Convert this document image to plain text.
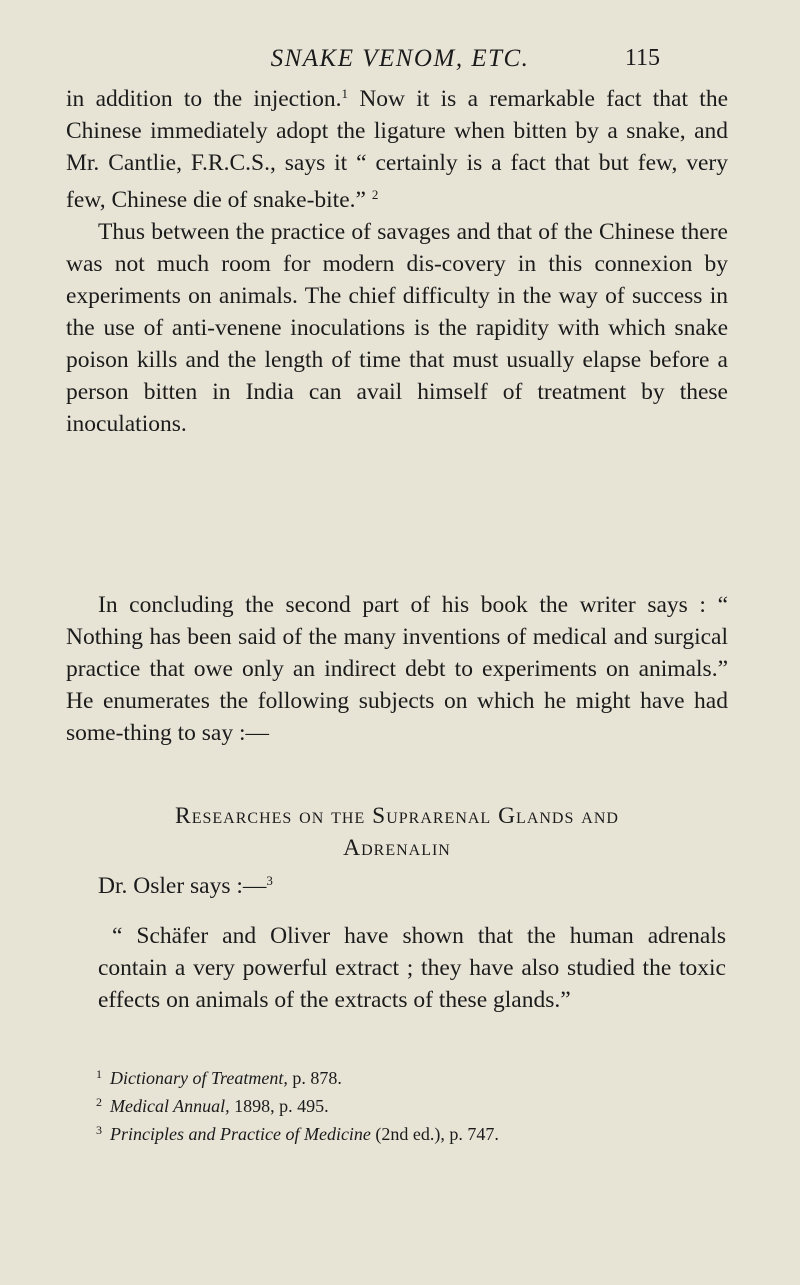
SNAKE VENOM, ETC.	115

in addition to the injection.$^1$ Now it is a remarkable fact that the Chinese immediately adopt the ligature when bitten by a snake, and Mr. Cantlie, F.R.C.S., says it “ certainly is a fact that but few, very few, Chinese die of snake-bite.” $^2$

Thus between the practice of savages and that of the Chinese there was not much room for modern dis-covery in this connexion by experiments on animals. The chief difficulty in the way of success in the use of anti-venene inoculations is the rapidity with which snake poison kills and the length of time that must usually elapse before a person bitten in India can avail himself of treatment by these inoculations.

In concluding the second part of his book the writer says : “ Nothing has been said of the many inventions of medical and surgical practice that owe only an indirect debt to experiments on animals.” He enumerates the following subjects on which he might have had some-thing to say :—

Researches on the Suprarenal Glands and
Adrenalin
Dr. Osler says :—$^3$
“ Schäfer and Oliver have shown that the human adrenals contain a very powerful extract ; they have also studied the toxic effects on animals of the extracts of these glands.”
$^1$ Dictionary of Treatment, p. 878.
$^2$ Medical Annual, 1898, p. 495.
$^3$ Principles and Practice of Medicine (2nd ed.), p. 747.
